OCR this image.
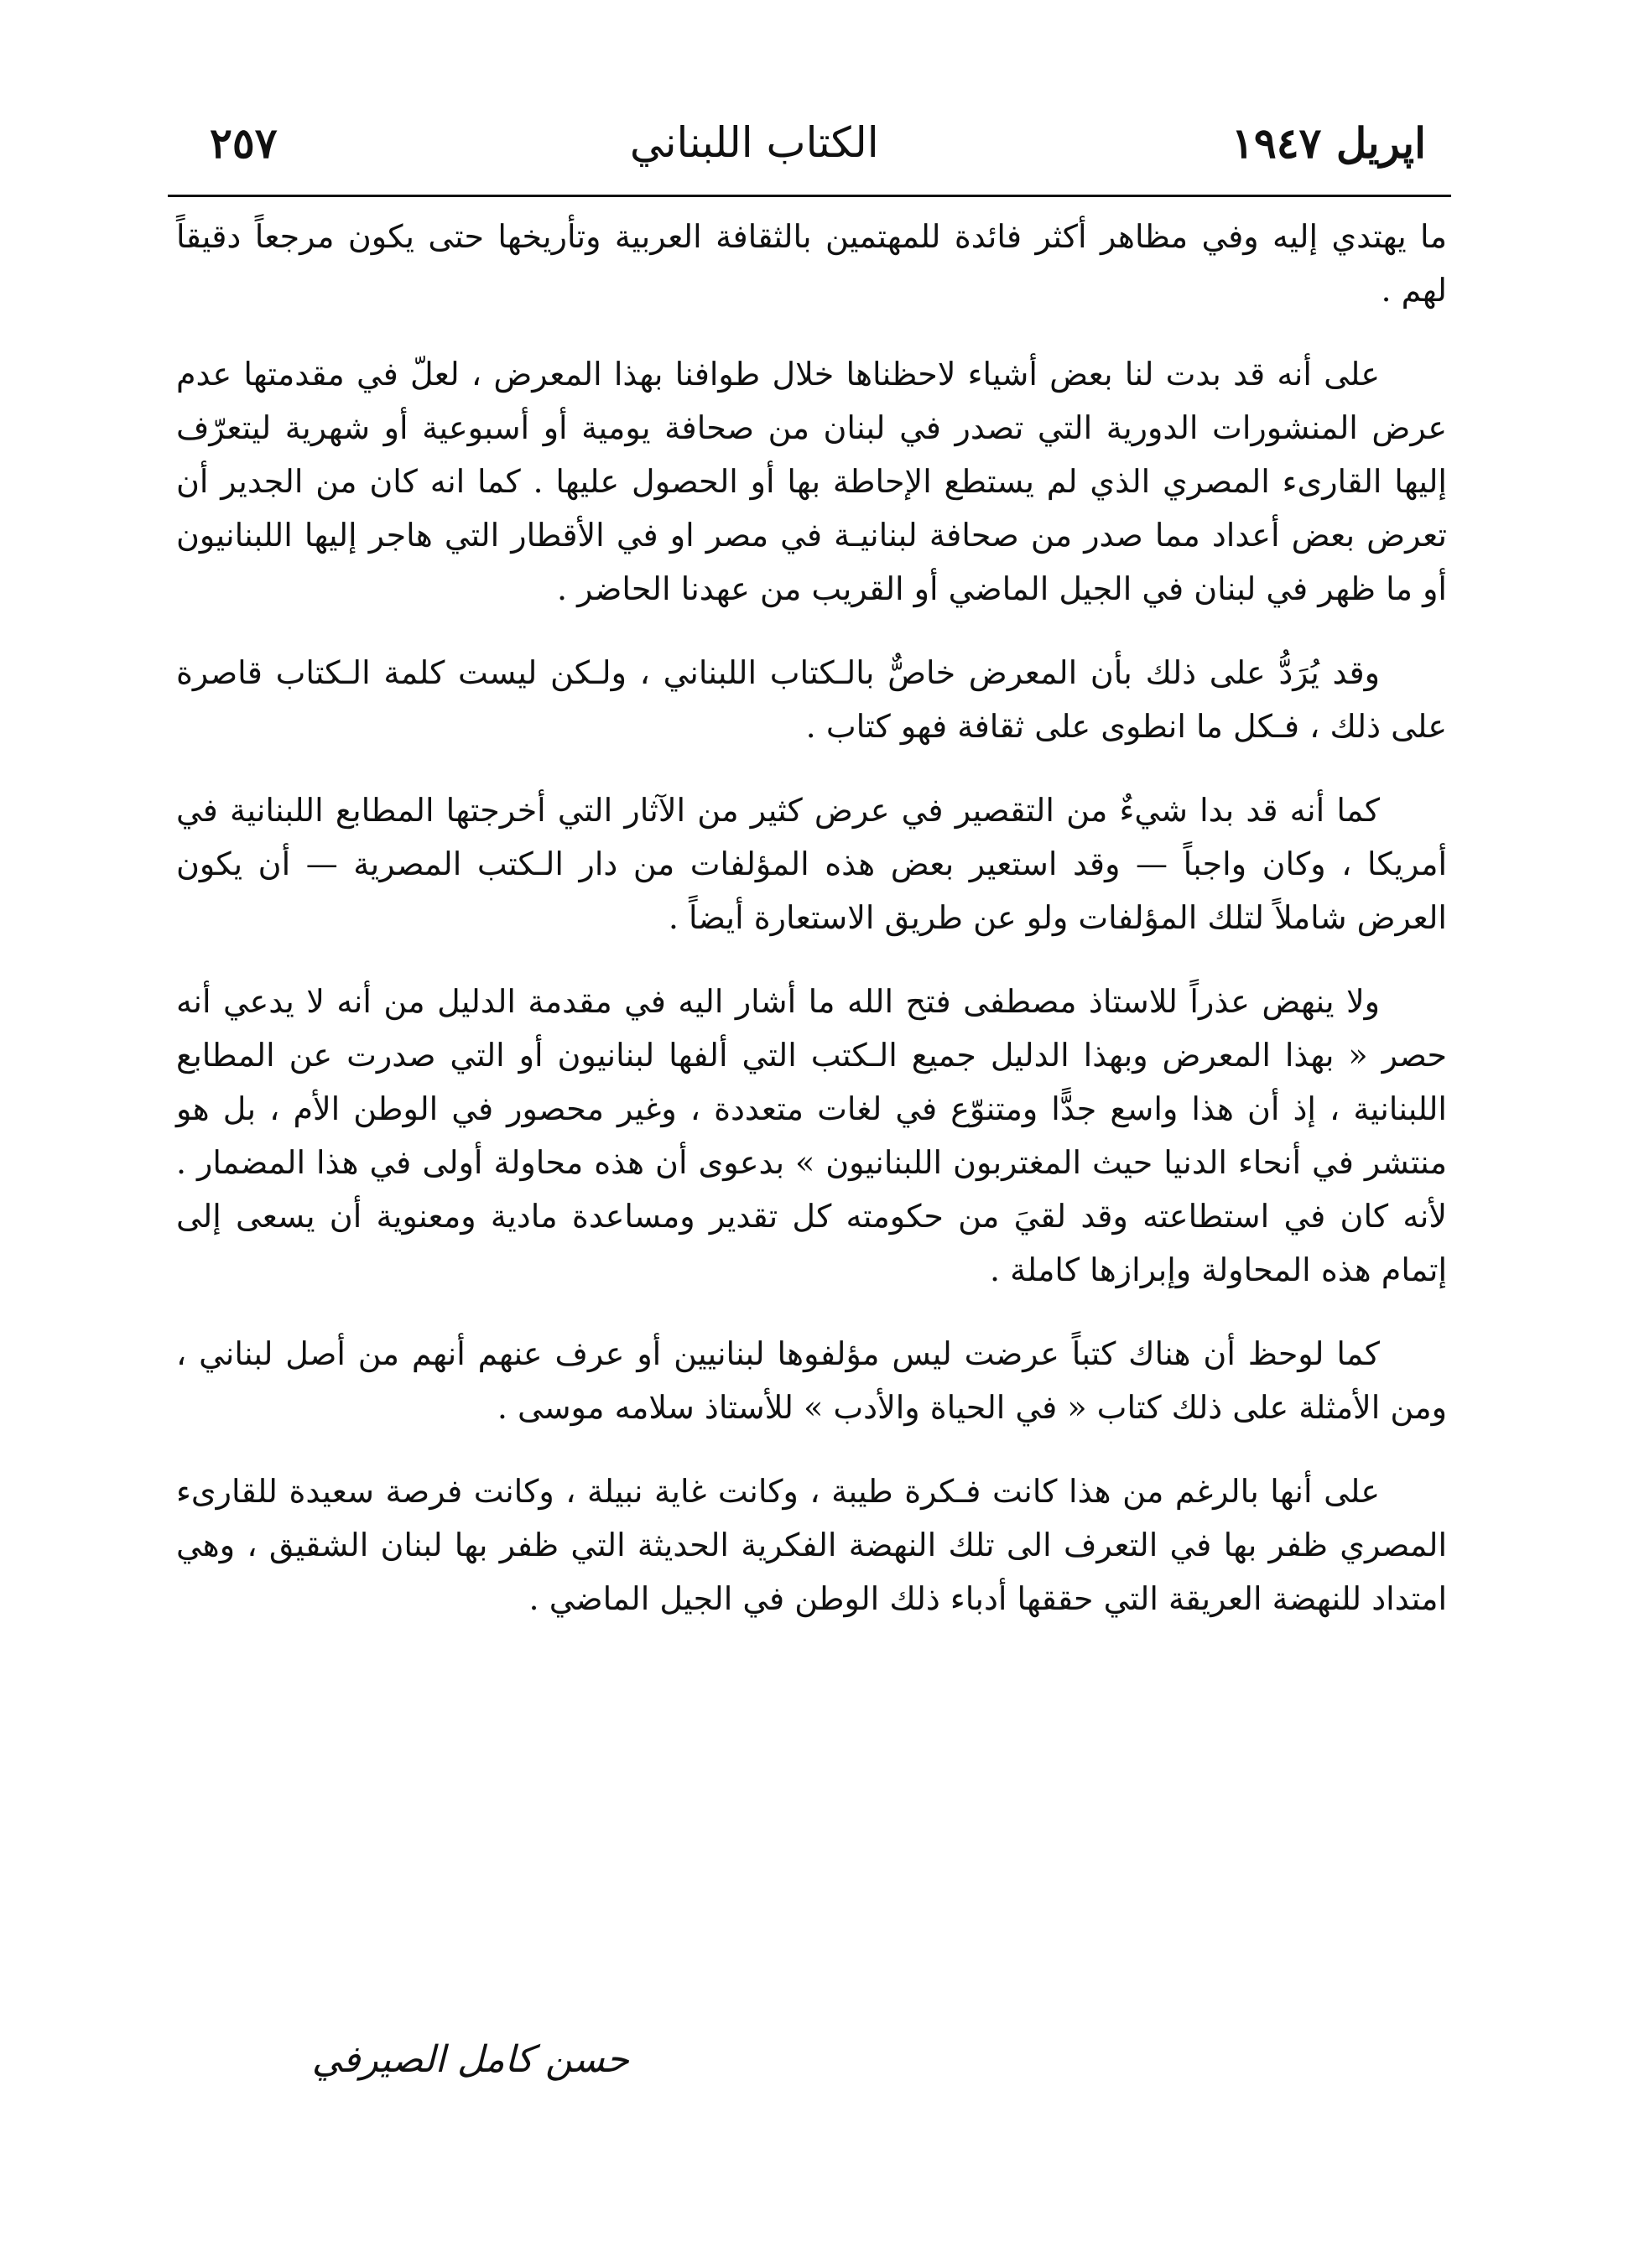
اپريل ١٩٤٧
الكتاب اللبناني
٢٥٧

ما يهتدي إليه وفي مظاهر أكثر فائدة للمهتمين بالثقافة العربية وتأريخها حتى يكون مرجعاً دقيقاً لهم .

على أنه قد بدت لنا بعض أشياء لاحظناها خلال طوافنا بهذا المعرض ، لعلّ في مقدمتها عدم عرض المنشورات الدورية التي تصدر في لبنان من صحافة يومية أو أسبوعية أو شهرية ليتعرّف إليها القارىء المصري الذي لم يستطع الإحاطة بها أو الحصول عليها . كما انه كان من الجدير أن تعرض بعض أعداد مما صدر من صحافة لبنانيـة في مصر او في الأقطار التي هاجر إليها اللبنانيون أو ما ظهر في لبنان في الجيل الماضي أو القريب من عهدنا الحاضر .

وقد يُرَدُّ على ذلك بأن المعرض خاصٌّ بالـكتاب اللبناني ، ولـكن ليست كلمة الـكتاب قاصرة على ذلك ، فـكل ما انطوى على ثقافة فهو كتاب .

كما أنه قد بدا شيءٌ من التقصير في عرض كثير من الآثار التي أخرجتها المطابع اللبنانية في أمريكا ، وكان واجباً — وقد استعير بعض هذه المؤلفات من دار الـكتب المصرية — أن يكون العرض شاملاً لتلك المؤلفات ولو عن طريق الاستعارة أيضاً .

ولا ينهض عذراً للاستاذ مصطفى فتح الله ما أشار اليه في مقدمة الدليل من أنه لا يدعي أنه حصر « بهذا المعرض وبهذا الدليل جميع الـكتب التي ألفها لبنانيون أو التي صدرت عن المطابع اللبنانية ، إذ أن هذا واسع جدًّا ومتنوّع في لغات متعددة ، وغير محصور في الوطن الأم ، بل هو منتشر في أنحاء الدنيا حيث المغتربون اللبنانيون » بدعوى أن هذه محاولة أولى في هذا المضمار . لأنه كان في استطاعته وقد لقيَ من حكومته كل تقدير ومساعدة مادية ومعنوية أن يسعى إلى إتمام هذه المحاولة وإبرازها كاملة .

كما لوحظ أن هناك كتباً عرضت ليس مؤلفوها لبنانيين أو عرف عنهم أنهم من أصل لبناني ، ومن الأمثلة على ذلك كتاب « في الحياة والأدب » للأستاذ سلامه موسى .

على أنها بالرغم من هذا كانت فـكرة طيبة ، وكانت غاية نبيلة ، وكانت فرصة سعيدة للقارىء المصري ظفر بها في التعرف الى تلك النهضة الفكرية الحديثة التي ظفر بها لبنان الشقيق ، وهي امتداد للنهضة العريقة التي حققها أدباء ذلك الوطن في الجيل الماضي .

حسن كامل الصيرفي
